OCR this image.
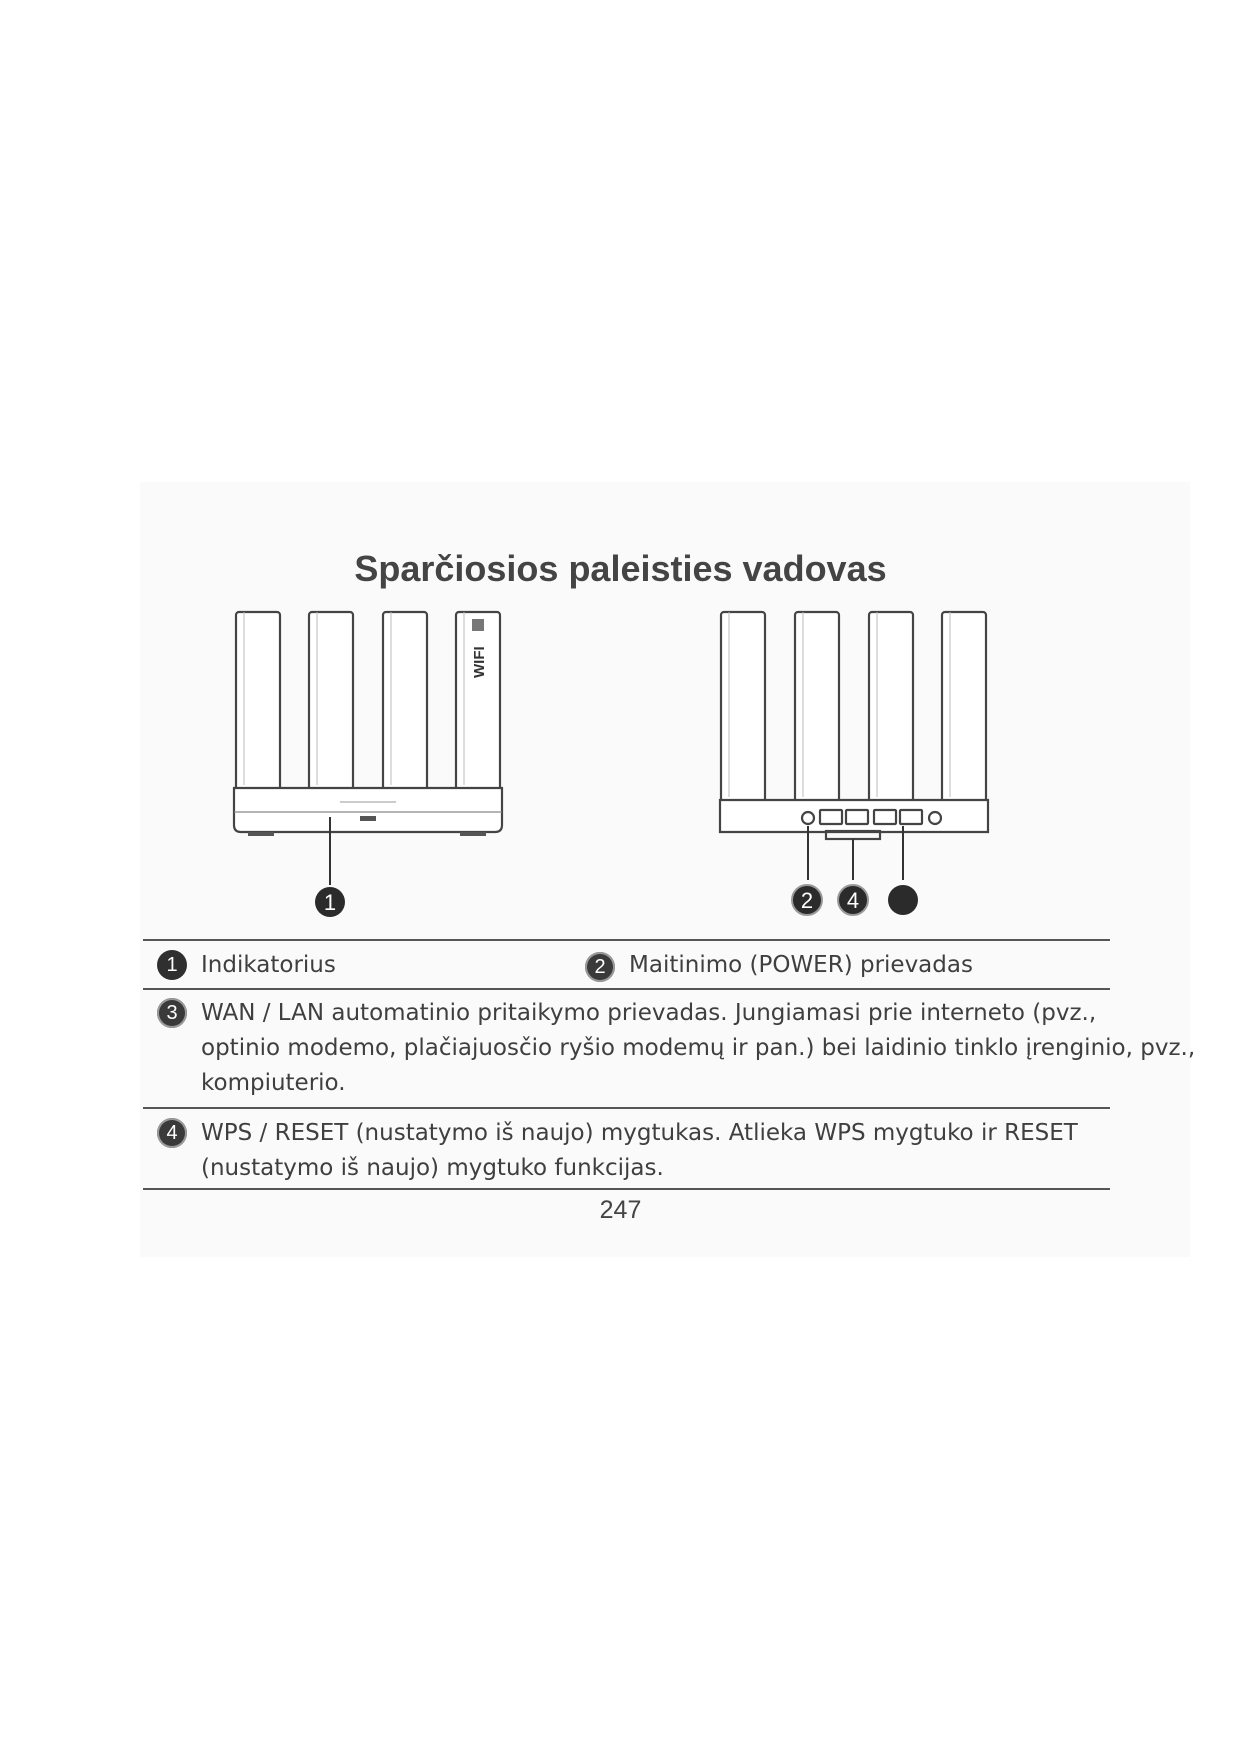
Sparčiosios paleisties vadovas
WIFI
1	2 4
1	Indikatorius	2	Maitinimo (POWER) prievadas
3	WAN / LAN automatinio pritaikymo prievadas. Jungiamasi prie interneto (pvz.,
optinio modemo, plačiajuosčio ryšio modemų ir pan.) bei laidinio tinklo įrenginio, pvz.,
kompiuterio.
4	WPS / RESET (nustatymo iš naujo) mygtukas. Atlieka WPS mygtuko ir RESET
(nustatymo iš naujo) mygtuko funkcijas.
247
